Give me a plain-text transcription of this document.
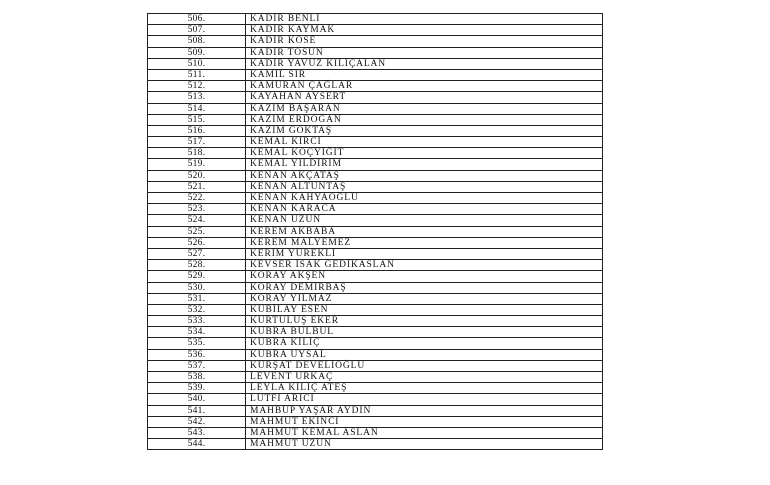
506.	KADİR BENLİ
507.	KADİR KAYMAK
508.	KADİR KÖSE
509.	KADİR TOSUN
510.	KADİR YAVUZ KILIÇALAN
511.	KAMİL SIR
512.	KAMURAN ÇAĞLAR
513.	KAYAHAN AYSERT
514.	KAZIM BAŞARAN
515.	KAZIM ERDOĞAN
516.	KAZIM GÖKTAŞ
517.	KEMAL KIRCI
518.	KEMAL KOÇYİĞİT
519.	KEMAL YILDIRIM
520.	KENAN AKÇATAŞ
521.	KENAN ALTUNTAŞ
522.	KENAN KAHYAOĞLU
523.	KENAN KARACA
524.	KENAN UZUN
525.	KEREM AKBABA
526.	KEREM MALYEMEZ
527.	KERİM YÜREKLİ
528.	KEVSER İSAK GEDİKASLAN
529.	KORAY AKŞEN
530.	KORAY DEMİRBAŞ
531.	KORAY YILMAZ
532.	KUBİLAY ESEN
533.	KURTULUŞ EKER
534.	KÜBRA BÜLBÜL
535.	KÜBRA KILIÇ
536.	KÜBRA UYSAL
537.	KÜRŞAT DEVELİOĞLU
538.	LEVENT URKAÇ
539.	LEYLA KILIÇ ATEŞ
540.	LÜTFİ ARICI
541.	MAHBUP YAŞAR AYDIN
542.	MAHMUT EKİNCİ
543.	MAHMUT KEMAL ASLAN
544.	MAHMUT UZUN
